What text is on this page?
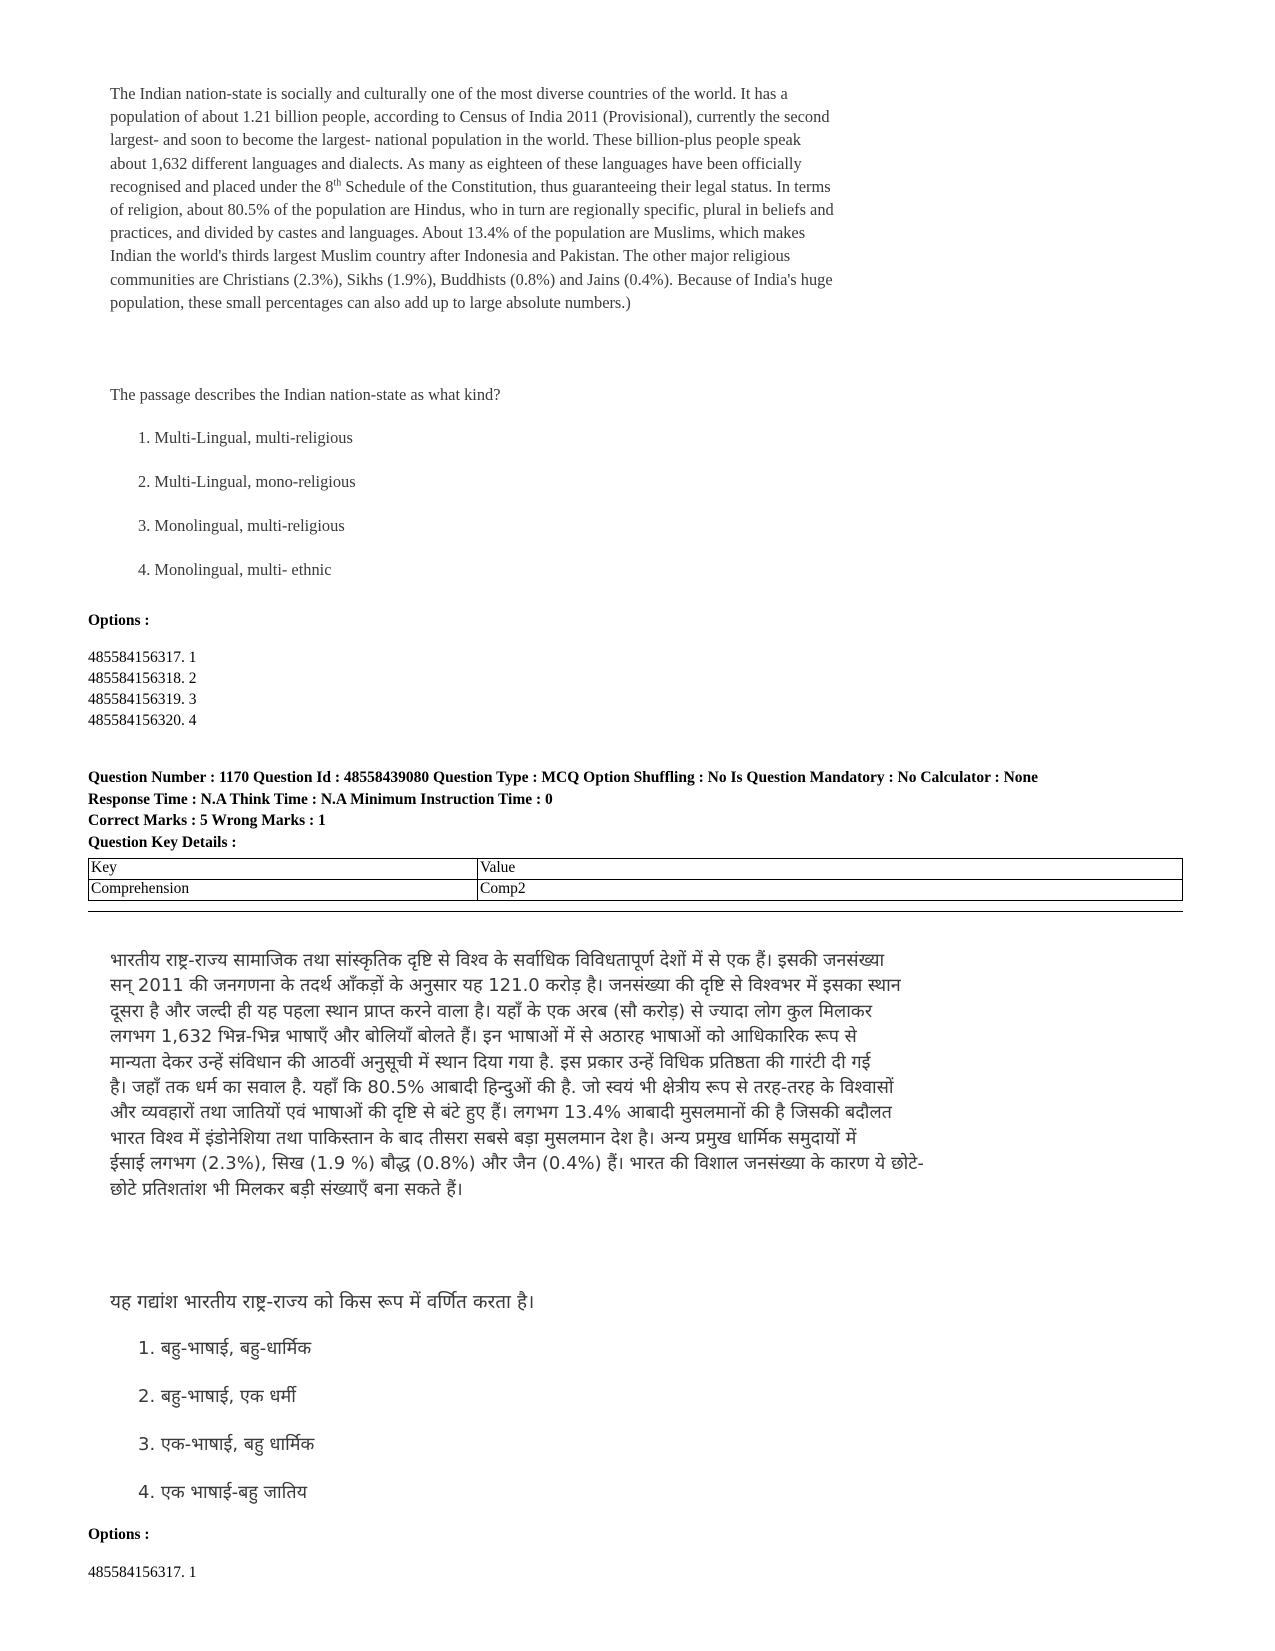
The Indian nation-state is socially and culturally one of the most diverse countries of the world. It has a
population of about 1.21 billion people, according to Census of India 2011 (Provisional), currently the second
largest- and soon to become the largest- national population in the world. These billion-plus people speak
about 1,632 different languages and dialects. As many as eighteen of these languages have been officially
recognised and placed under the 8th Schedule of the Constitution, thus guaranteeing their legal status. In terms
of religion, about 80.5% of the population are Hindus, who in turn are regionally specific, plural in beliefs and
practices, and divided by castes and languages. About 13.4% of the population are Muslims, which makes
Indian the world's thirds largest Muslim country after Indonesia and Pakistan. The other major religious
communities are Christians (2.3%), Sikhs (1.9%), Buddhists (0.8%) and Jains (0.4%). Because of India's huge
population, these small percentages can also add up to large absolute numbers.)
The passage describes the Indian nation-state as what kind?
1. Multi-Lingual, multi-religious
2. Multi-Lingual, mono-religious
3. Monolingual, multi-religious
4. Monolingual, multi- ethnic
Options :
485584156317. 1
485584156318. 2
485584156319. 3
485584156320. 4
Question Number : 1170 Question Id : 48558439080 Question Type : MCQ Option Shuffling : No Is Question Mandatory : No Calculator : None
Response Time : N.A Think Time : N.A Minimum Instruction Time : 0
Correct Marks : 5 Wrong Marks : 1
Question Key Details :
Key	Value
Comprehension	Comp2
भारतीय राष्ट्र-राज्य सामाजिक तथा सांस्कृतिक दृष्टि से विश्व के सर्वाधिक विविधतापूर्ण देशों में से एक हैं। इसकी जनसंख्या
सन् 2011 की जनगणना के तदर्थ आँकड़ों के अनुसार यह 121.0 करोड़ है। जनसंख्या की दृष्टि से विश्वभर में इसका स्थान
दूसरा है और जल्दी ही यह पहला स्थान प्राप्त करने वाला है। यहाँ के एक अरब (सौ करोड़) से ज्यादा लोग कुल मिलाकर
लगभग 1,632 भिन्न-भिन्न भाषाएँ और बोलियाँ बोलते हैं। इन भाषाओं में से अठारह भाषाओं को आधिकारिक रूप से
मान्यता देकर उन्हें संविधान की आठवीं अनुसूची में स्थान दिया गया है. इस प्रकार उन्हें विधिक प्रतिष्ठता की गारंटी दी गई
है। जहाँ तक धर्म का सवाल है. यहाँ कि 80.5% आबादी हिन्दुओं की है. जो स्वयं भी क्षेत्रीय रूप से तरह-तरह के विश्वासों
और व्यवहारों तथा जातियों एवं भाषाओं की दृष्टि से बंटे हुए हैं। लगभग 13.4% आबादी मुसलमानों की है जिसकी बदौलत
भारत विश्व में इंडोनेशिया तथा पाकिस्तान के बाद तीसरा सबसे बड़ा मुसलमान देश है। अन्य प्रमुख धार्मिक समुदायों में
ईसाई लगभग (2.3%), सिख (1.9 %) बौद्ध (0.8%) और जैन (0.4%) हैं। भारत की विशाल जनसंख्या के कारण ये छोटे-
छोटे प्रतिशतांश भी मिलकर बड़ी संख्याएँ बना सकते हैं।
यह गद्यांश भारतीय राष्ट्र-राज्य को किस रूप में वर्णित करता है।
1. बहु-भाषाई, बहु-धार्मिक
2. बहु-भाषाई, एक धर्मी
3. एक-भाषाई, बहु धार्मिक
4. एक भाषाई-बहु जातिय
Options :
485584156317. 1
